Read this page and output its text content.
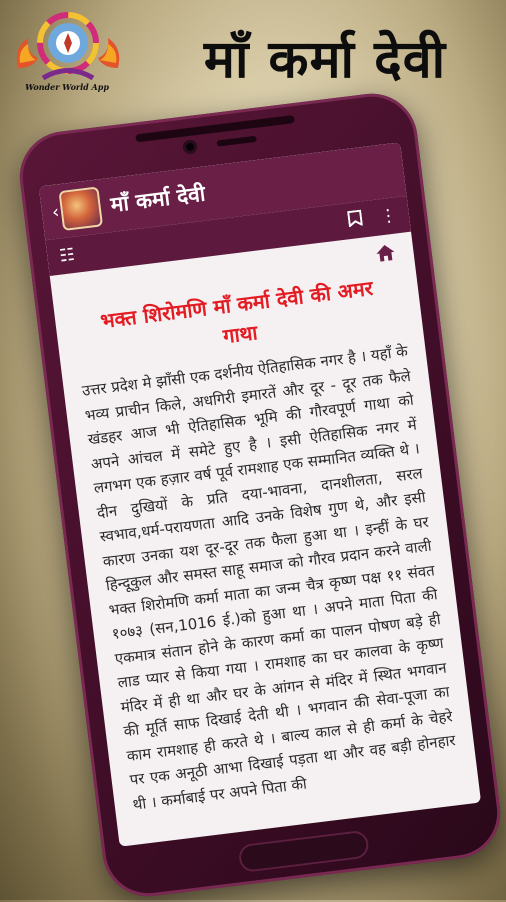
Wonder World App	माँ कर्मा देवी
‹ माँ कर्मा देवी
☷
⋮
भक्त शिरोमणि माँ कर्मा देवी की अमर गाथा
उत्तर प्रदेश मे झाँसी एक दर्शनीय ऐतिहासिक नगर है । यहाँ के भव्य प्राचीन किले, अधगिरी इमारतें और दूर - दूर तक फैले खंडहर आज भी ऐतिहासिक भूमि की गौरवपूर्ण गाथा को अपने आंचल में समेटे हुए है । इसी ऐतिहासिक नगर में लगभग एक हज़ार वर्ष पूर्व रामशाह एक सम्मानित व्यक्ति थे । दीन दुखियों के प्रति दया-भावना, दानशीलता, सरल स्वभाव,धर्म-परायणता आदि उनके विशेष गुण थे, और इसी कारण उनका यश दूर-दूर तक फैला हुआ था । इन्हीं के घर हिन्दूकुल और समस्त साहू समाज को गौरव प्रदान करने वाली भक्त शिरोमणि कर्मा माता का जन्म चैत्र कृष्ण पक्ष ११ संवत १०७३ (सन,1016 ई.)को हुआ था । अपने माता पिता की एकमात्र संतान होने के कारण कर्मा का पालन पोषण बड़े ही लाड प्यार से किया गया । रामशाह का घर कालवा के कृष्ण मंदिर में ही था और घर के आंगन से मंदिर में स्थित भगवान की मूर्ति साफ दिखाई देती थी । भगवान की सेवा-पूजा का काम रामशाह ही करते थे । बाल्य काल से ही कर्मा के चेहरे पर एक अनूठी आभा दिखाई पड़ता था और वह बड़ी होनहार थी । कर्माबाई पर अपने पिता की
